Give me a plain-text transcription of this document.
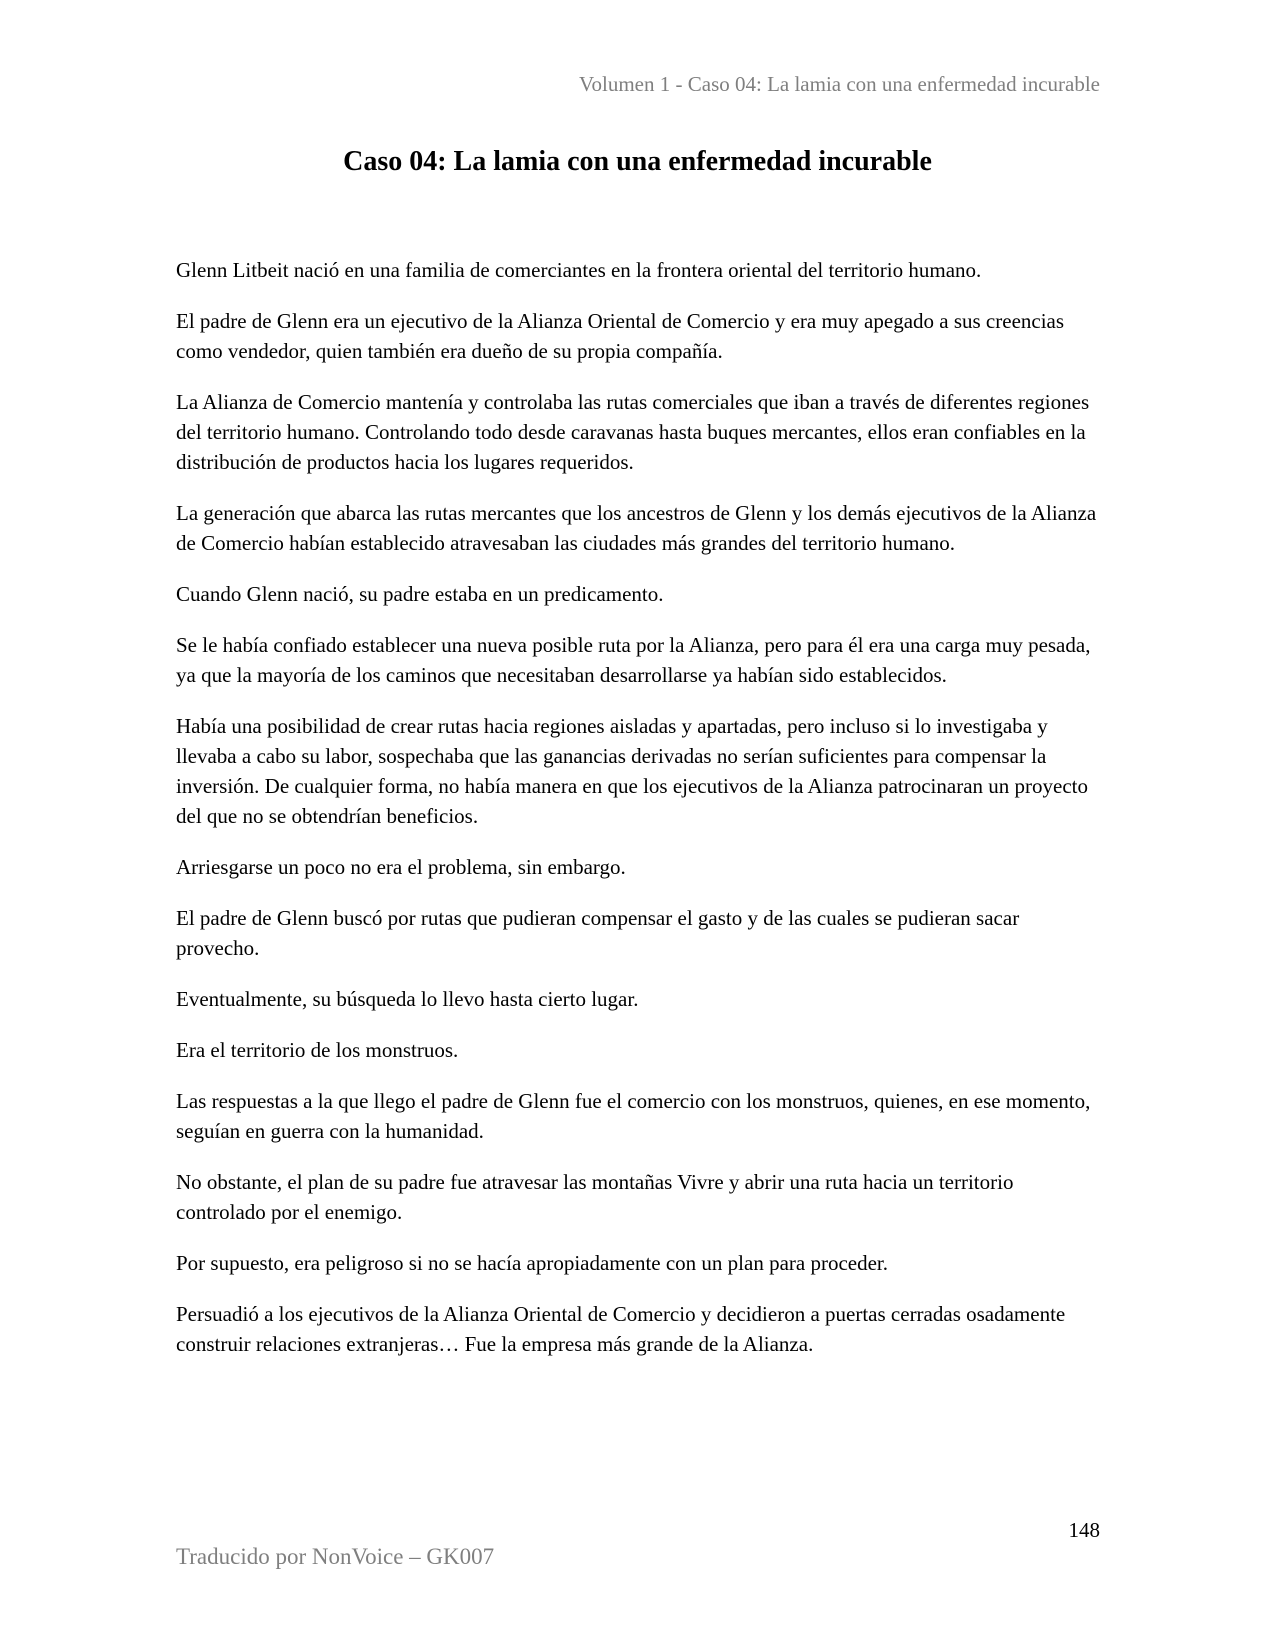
Volumen 1 - Caso 04: La lamia con una enfermedad incurable
Caso 04: La lamia con una enfermedad incurable

Glenn Litbeit nació en una familia de comerciantes en la frontera oriental del territorio humano.

El padre de Glenn era un ejecutivo de la Alianza Oriental de Comercio y era muy apegado a sus creencias como vendedor, quien también era dueño de su propia compañía.

La Alianza de Comercio mantenía y controlaba las rutas comerciales que iban a través de diferentes regiones del territorio humano. Controlando todo desde caravanas hasta buques mercantes, ellos eran confiables en la distribución de productos hacia los lugares requeridos.

La generación que abarca las rutas mercantes que los ancestros de Glenn y los demás ejecutivos de la Alianza de Comercio habían establecido atravesaban las ciudades más grandes del territorio humano.

Cuando Glenn nació, su padre estaba en un predicamento.

Se le había confiado establecer una nueva posible ruta por la Alianza, pero para él era una carga muy pesada, ya que la mayoría de los caminos que necesitaban desarrollarse ya habían sido establecidos.

Había una posibilidad de crear rutas hacia regiones aisladas y apartadas, pero incluso si lo investigaba y llevaba a cabo su labor, sospechaba que las ganancias derivadas no serían suficientes para compensar la inversión. De cualquier forma, no había manera en que los ejecutivos de la Alianza patrocinaran un proyecto del que no se obtendrían beneficios.

Arriesgarse un poco no era el problema, sin embargo.

El padre de Glenn buscó por rutas que pudieran compensar el gasto y de las cuales se pudieran sacar provecho.

Eventualmente, su búsqueda lo llevo hasta cierto lugar.

Era el territorio de los monstruos.

Las respuestas a la que llego el padre de Glenn fue el comercio con los monstruos, quienes, en ese momento, seguían en guerra con la humanidad.

No obstante, el plan de su padre fue atravesar las montañas Vivre y abrir una ruta hacia un territorio controlado por el enemigo.

Por supuesto, era peligroso si no se hacía apropiadamente con un plan para proceder.

Persuadió a los ejecutivos de la Alianza Oriental de Comercio y decidieron a puertas cerradas osadamente construir relaciones extranjeras… Fue la empresa más grande de la Alianza.

148
Traducido por NonVoice – GK007
